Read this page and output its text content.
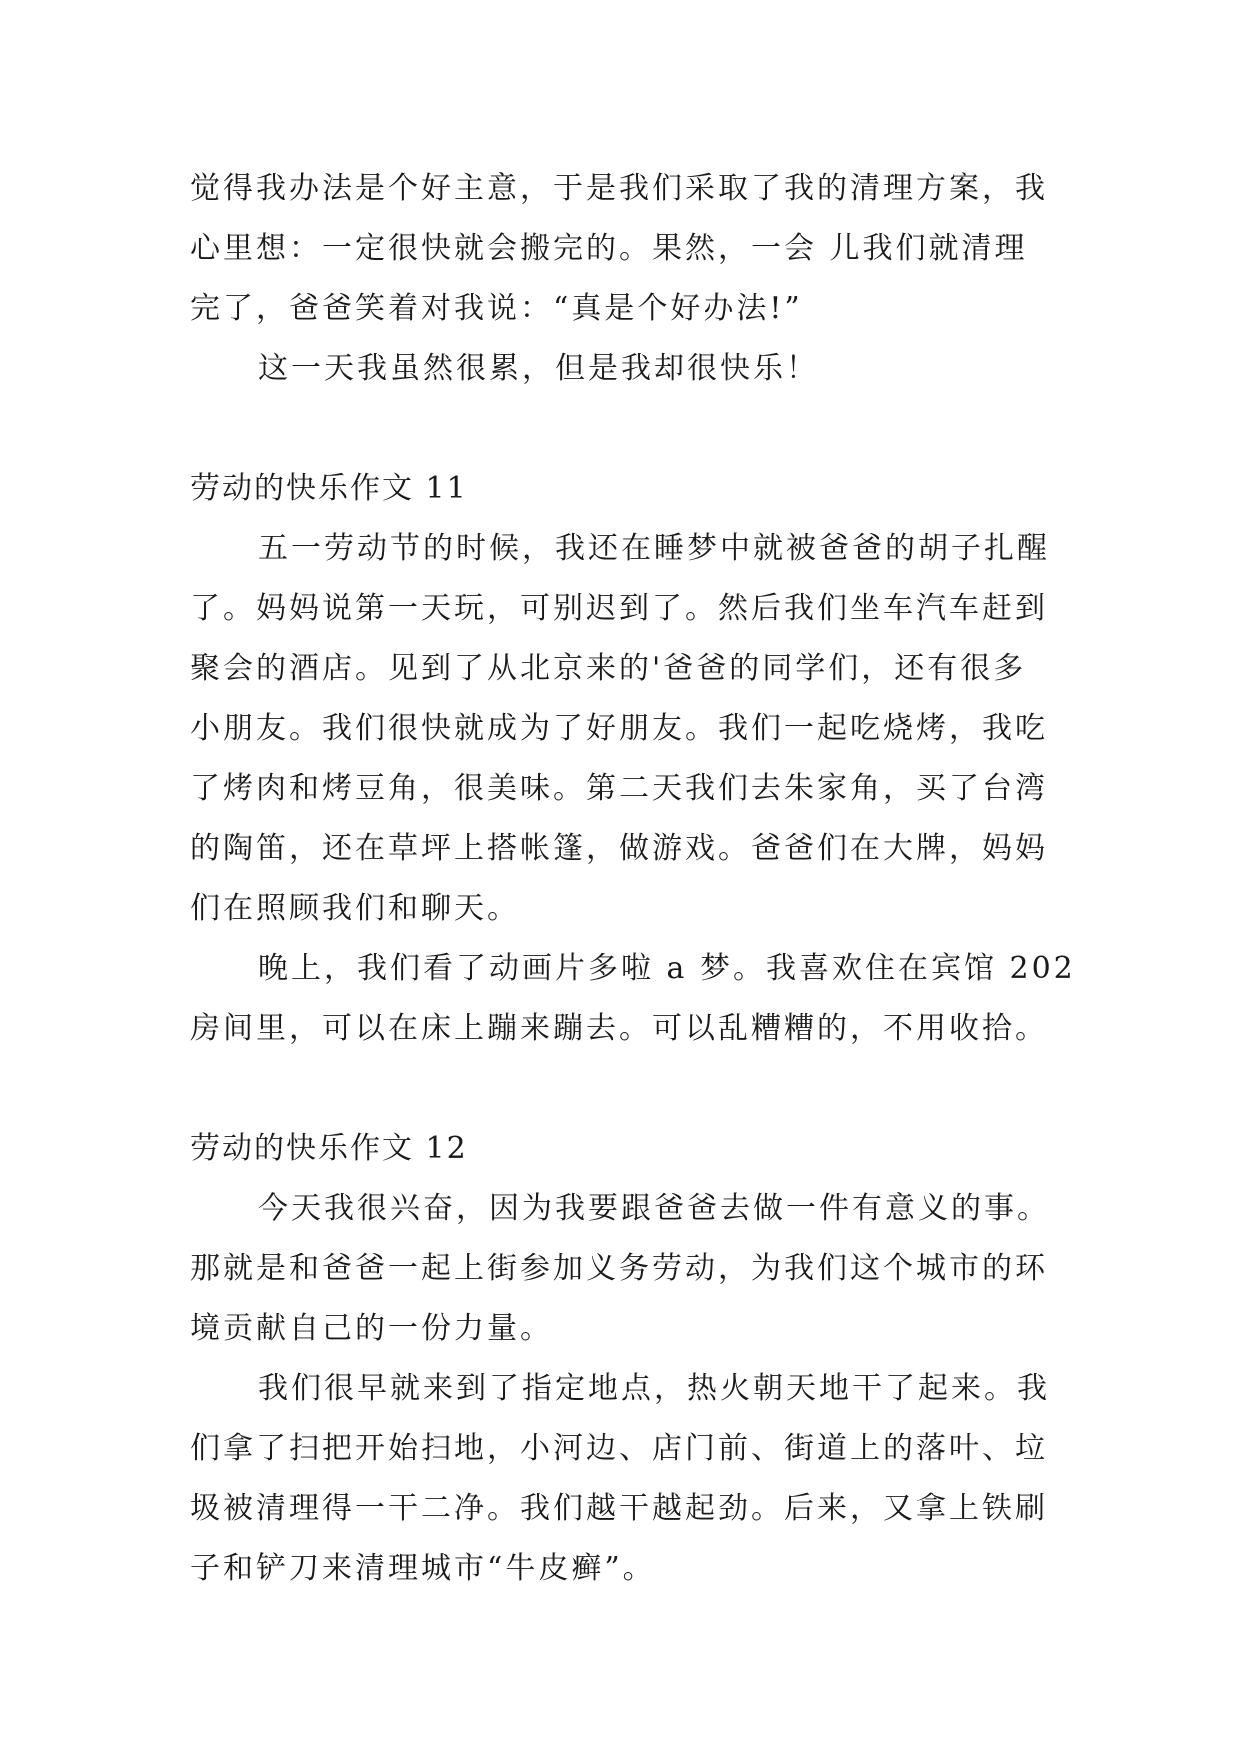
觉得我办法是个好主意，于是我们采取了我的清理方案，我
心里想：一定很快就会搬完的。果然，一会 儿我们就清理
完了，爸爸笑着对我说：“真是个好办法!”

这一天我虽然很累，但是我却很快乐！

劳动的快乐作文 11

五一劳动节的时候，我还在睡梦中就被爸爸的胡子扎醒
了。妈妈说第一天玩，可别迟到了。然后我们坐车汽车赶到
聚会的酒店。见到了从北京来的'爸爸的同学们，还有很多
小朋友。我们很快就成为了好朋友。我们一起吃烧烤，我吃
了烤肉和烤豆角，很美味。第二天我们去朱家角，买了台湾
的陶笛，还在草坪上搭帐篷，做游戏。爸爸们在大牌，妈妈
们在照顾我们和聊天。

晚上，我们看了动画片多啦 a 梦。我喜欢住在宾馆 202
房间里，可以在床上蹦来蹦去。可以乱糟糟的，不用收拾。

劳动的快乐作文 12

今天我很兴奋，因为我要跟爸爸去做一件有意义的事。
那就是和爸爸一起上街参加义务劳动，为我们这个城市的环
境贡献自己的一份力量。

我们很早就来到了指定地点，热火朝天地干了起来。我
们拿了扫把开始扫地，小河边、店门前、街道上的落叶、垃
圾被清理得一干二净。我们越干越起劲。后来，又拿上铁刷
子和铲刀来清理城市“牛皮癣”。
